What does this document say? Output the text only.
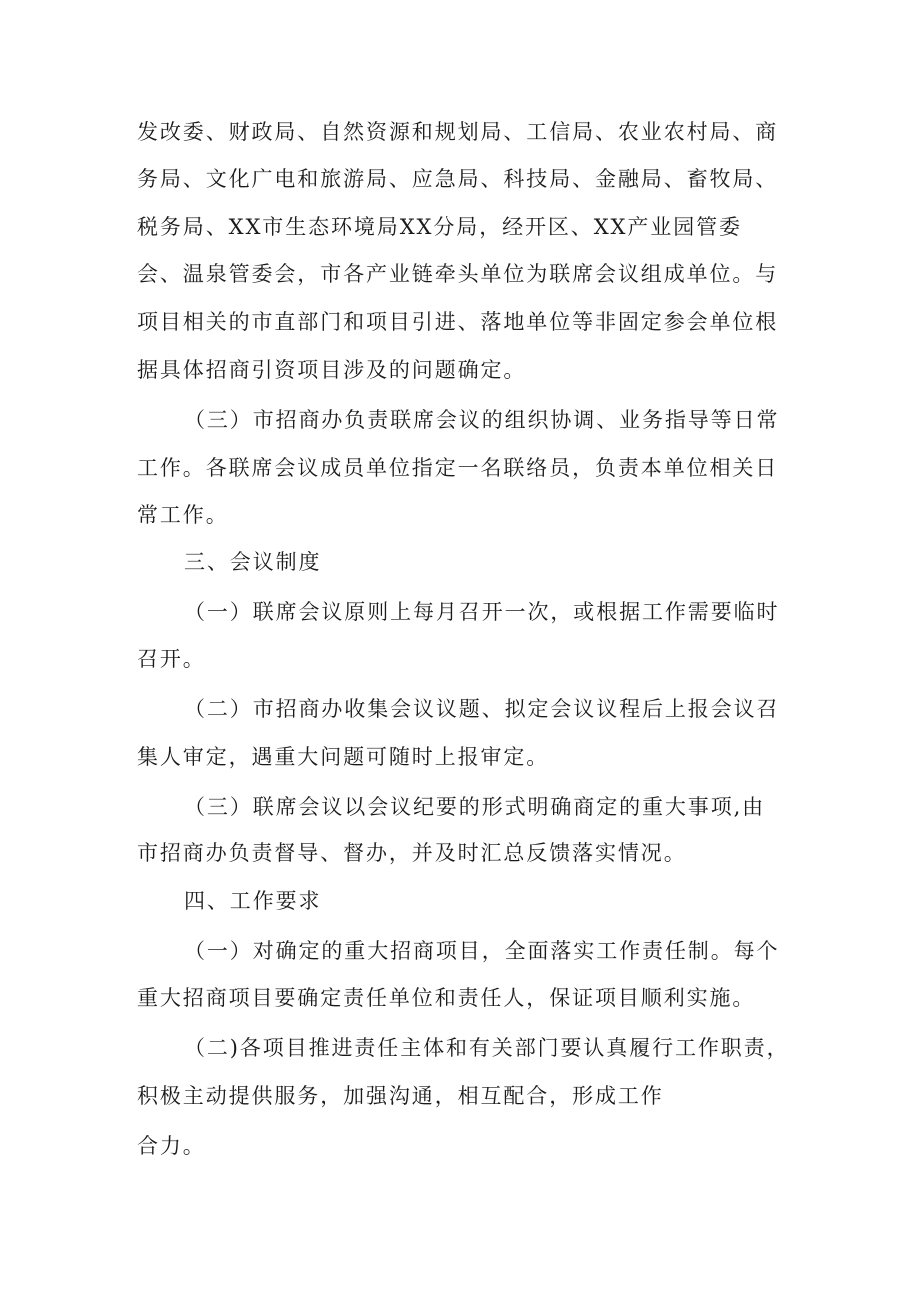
发改委、财政局、自然资源和规划局、工信局、农业农村局、商
务局、文化广电和旅游局、应急局、科技局、金融局、畜牧局、
税务局、XX市生态环境局XX分局，经开区、XX产业园管委
会、温泉管委会，市各产业链牵头单位为联席会议组成单位。与
项目相关的市直部门和项目引进、落地单位等非固定参会单位根
据具体招商引资项目涉及的问题确定。
（三）市招商办负责联席会议的组织协调、业务指导等日常
工作。各联席会议成员单位指定一名联络员，负责本单位相关日
常工作。
三、会议制度
（一）联席会议原则上每月召开一次，或根据工作需要临时
召开。
（二）市招商办收集会议议题、拟定会议议程后上报会议召
集人审定，遇重大问题可随时上报审定。
（三）联席会议以会议纪要的形式明确商定的重大事项,由
市招商办负责督导、督办，并及时汇总反馈落实情况。
四、工作要求
（一）对确定的重大招商项目，全面落实工作责任制。每个
重大招商项目要确定责任单位和责任人，保证项目顺利实施。
（二)各项目推进责任主体和有关部门要认真履行工作职责，
积极主动提供服务，加强沟通，相互配合，形成工作
合力。
